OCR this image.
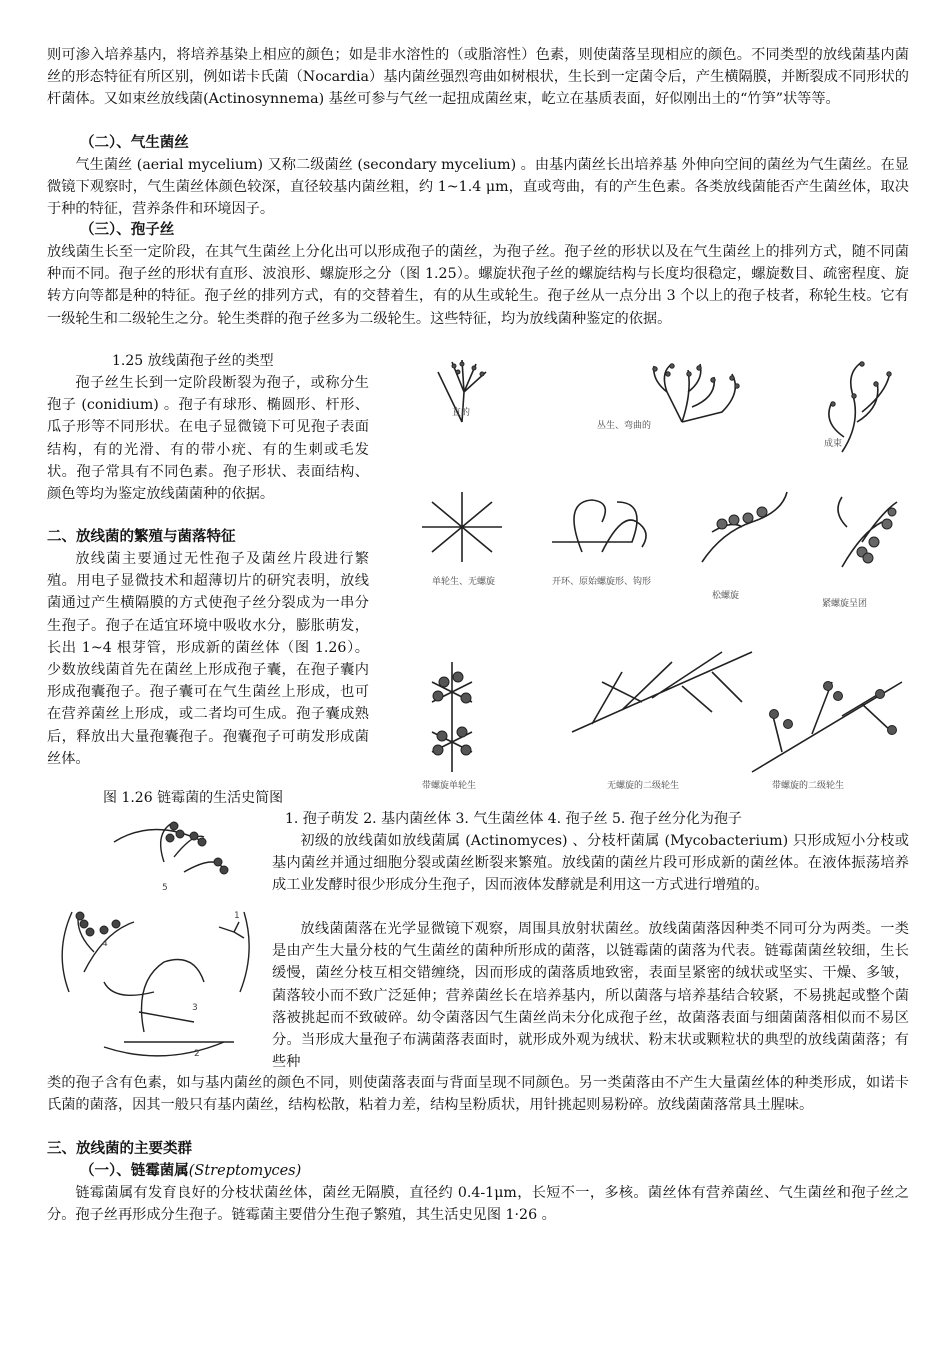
则可渗入培养基内，将培养基染上相应的颜色；如是非水溶性的（或脂溶性）色素，则使菌落呈现相应的颜色。不同类型的放线菌基内菌丝的形态特征有所区别，例如诺卡氏菌（Nocardia）基内菌丝强烈弯曲如树根状，生长到一定菌令后，产生横隔膜，并断裂成不同形状的杆菌体。又如束丝放线菌(Actinosynnema) 基丝可参与气丝一起扭成菌丝束，屹立在基质表面，好似刚出土的“竹笋”状等等。

（二）、气生菌丝

气生菌丝 (aerial mycelium) 又称二级菌丝 (secondary mycelium) 。由基内菌丝长出培养基 外伸向空间的菌丝为气生菌丝。在显微镜下观察时，气生菌丝体颜色较深，直径较基内菌丝粗，约 1~1.4 μm，直或弯曲，有的产生色素。各类放线菌能否产生菌丝体，取决于种的特征，营养条件和环境因子。

（三）、孢子丝

放线菌生长至一定阶段，在其气生菌丝上分化出可以形成孢子的菌丝，为孢子丝。孢子丝的形状以及在气生菌丝上的排列方式，随不同菌种而不同。孢子丝的形状有直形、波浪形、螺旋形之分（图 1.25）。螺旋状孢子丝的螺旋结构与长度均很稳定，螺旋数目、疏密程度、旋 转方向等都是种的特征。孢子丝的排列方式，有的交替着生，有的从生或轮生。孢子丝从一点分出 3 个以上的孢子枝者，称轮生枝。它有一级轮生和二级轮生之分。轮生类群的孢子丝多为二级轮生。这些特征，均为放线菌种鉴定的依据。

1.25 放线菌孢子丝的类型

孢子丝生长到一定阶段断裂为孢子，或称分生孢子 (conidium) 。孢子有球形、椭圆形、杆形、瓜子形等不同形状。在电子显微镜下可见孢子表面结构，有的光滑、有的带小疣、有的生刺或毛发状。孢子常具有不同色素。孢子形状、表面结构、颜色等均为鉴定放线菌菌种的依据。

二、放线菌的繁殖与菌落特征

放线菌主要通过无性孢子及菌丝片段进行繁殖。用电子显微技术和超薄切片的研究表明，放线菌通过产生横隔膜的方式使孢子丝分裂成为一串分生孢子。孢子在适宜环境中吸收水分，膨胀萌发，长出 1~4 根芽管，形成新的菌丝体（图 1.26）。少数放线菌首先在菌丝上形成孢子囊，在孢子囊内形成孢囊孢子。孢子囊可在气生菌丝上形成，也可在营养菌丝上形成，或二者均可生成。孢子囊成熟后，释放出大量孢囊孢子。孢囊孢子可萌发形成菌丝体。

图 1.26 链霉菌的生活史简图

直的
丛生、弯曲的
成束
单轮生、无螺旋	开环、原始螺旋形、钩形
松螺旋
紧螺旋呈团
带螺旋单轮生	无螺旋的二级轮生	带螺旋的二级轮生

1. 孢子萌发 2. 基内菌丝体 3. 气生菌丝体 4. 孢子丝 5. 孢子丝分化为孢子

5
1
3
2
4

初级的放线菌如放线菌属 (Actinomyces) 、分枝杆菌属 (Mycobacterium) 只形成短小分枝或基内菌丝并通过细胞分裂或菌丝断裂来繁殖。放线菌的菌丝片段可形成新的菌丝体。在液体振荡培养成工业发酵时很少形成分生孢子，因而液体发酵就是利用这一方式进行增殖的。

放线菌菌落在光学显微镜下观察，周围具放射状菌丝。放线菌菌落因种类不同可分为两类。一类是由产生大量分枝的气生菌丝的菌种所形成的菌落，以链霉菌的菌落为代表。链霉菌菌丝较细，生长缓慢，菌丝分枝互相交错缠绕，因而形成的菌落质地致密，表面呈紧密的绒状或坚实、干燥、多皱，菌落较小而不致广泛延伸；营养菌丝长在培养基内，所以菌落与培养基结合较紧，不易挑起或整个菌落被挑起而不致破碎。幼令菌落因气生菌丝尚未分化成孢子丝，故菌落表面与细菌菌落相似而不易区分。当形成大量孢子布满菌落表面时，就形成外观为绒状、粉末状或颗粒状的典型的放线菌菌落；有些种

类的孢子含有色素，如与基内菌丝的颜色不同，则使菌落表面与背面呈现不同颜色。另一类菌落由不产生大量菌丝体的种类形成，如诺卡氏菌的菌落，因其一般只有基内菌丝，结构松散，粘着力差，结构呈粉质状，用针挑起则易粉碎。放线菌菌落常具土腥味。

三、放线菌的主要类群

（一）、链霉菌属(Streptomyces)

链霉菌属有发育良好的分枝状菌丝体，菌丝无隔膜，直径约 0.4-1μm，长短不一，多核。菌丝体有营养菌丝、气生菌丝和孢子丝之分。孢子丝再形成分生孢子。链霉菌主要借分生孢子繁殖，其生活史见图 1·26 。
